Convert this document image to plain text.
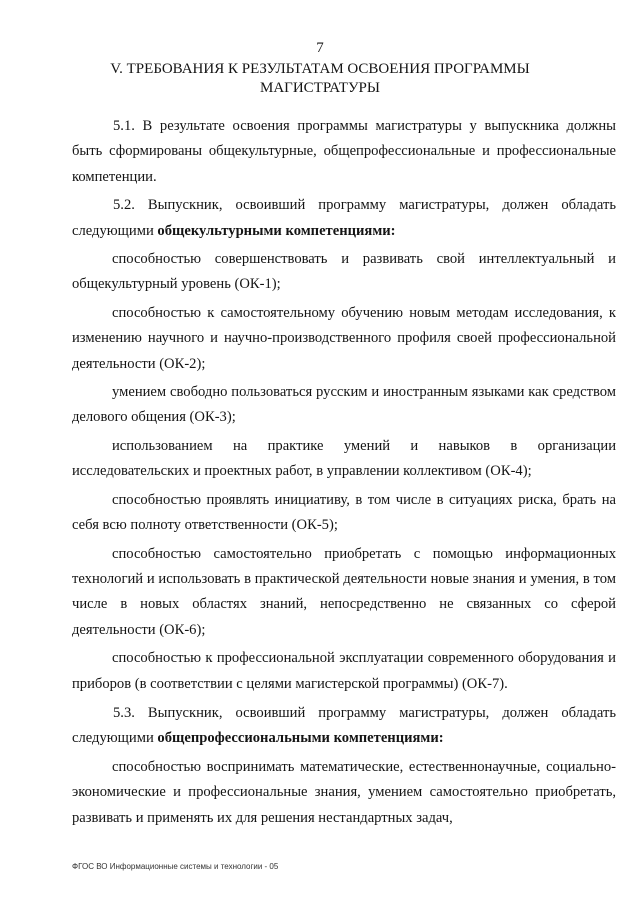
7
V. ТРЕБОВАНИЯ К РЕЗУЛЬТАТАМ ОСВОЕНИЯ ПРОГРАММЫ
МАГИСТРАТУРЫ

5.1. В результате освоения программы магистратуры у выпускника должны быть сформированы общекультурные, общепрофессиональные и профессиональные компетенции.

5.2. Выпускник, освоивший программу магистратуры, должен обладать следующими общекультурными компетенциями:

способностью совершенствовать и развивать свой интеллектуальный и общекультурный уровень (ОК-1);

способностью к самостоятельному обучению новым методам исследования, к изменению научного и научно-производственного профиля своей профессиональной деятельности (ОК-2);

умением свободно пользоваться русским и иностранным языками как средством делового общения (ОК-3);

использованием на практике умений и навыков в организации исследовательских и проектных работ, в управлении коллективом (ОК-4);

способностью проявлять инициативу, в том числе в ситуациях риска, брать на себя всю полноту ответственности (ОК-5);

способностью самостоятельно приобретать с помощью информационных технологий и использовать в практической деятельности новые знания и умения, в том числе в новых областях знаний, непосредственно не связанных со сферой деятельности (ОК-6);

способностью к профессиональной эксплуатации современного оборудования и приборов (в соответствии с целями магистерской программы) (ОК-7).

5.3. Выпускник, освоивший программу магистратуры, должен обладать следующими общепрофессиональными компетенциями:

способностью воспринимать математические, естественнонаучные, социально-экономические и профессиональные знания, умением самостоятельно приобретать, развивать и применять их для решения нестандартных задач,

ФГОС ВО Информационные системы и технологии - 05
